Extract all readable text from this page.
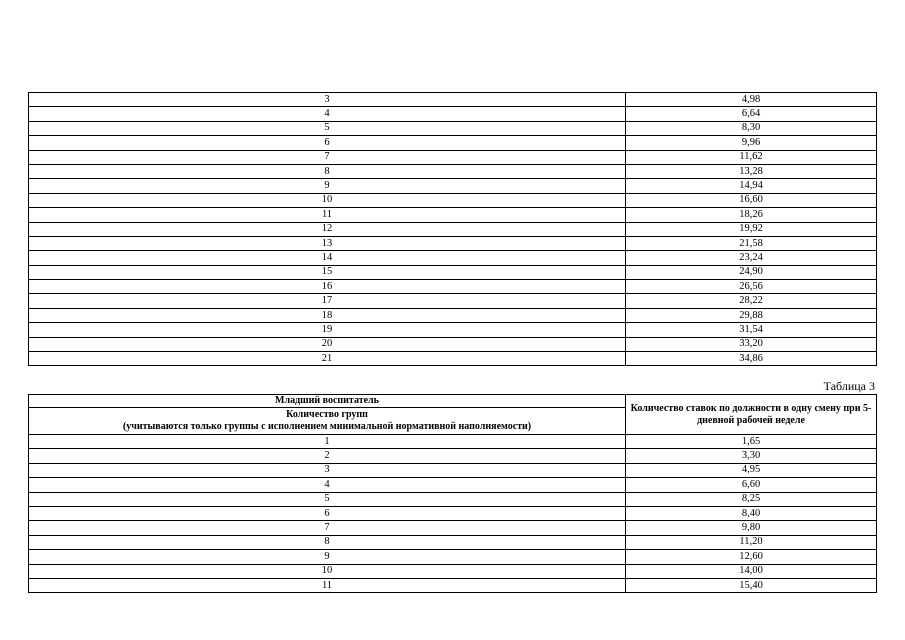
3	4,98
4	6,64
5	8,30
6	9,96
7	11,62
8	13,28
9	14,94
10	16,60
11	18,26
12	19,92
13	21,58
14	23,24
15	24,90
16	26,56
17	28,22
18	29,88
19	31,54
20	33,20
21	34,86
Таблица 3
Младший воспитатель	Количество ставок по должности в одну смену при 5-дневной рабочей неделе

Количество групп
(учитываются только группы с исполнением минимальной нормативной наполняемости)	

1	1,65
2	3,30
3	4,95
4	6,60
5	8,25
6	8,40
7	9,80
8	11,20
9	12,60
10	14,00
11	15,40
